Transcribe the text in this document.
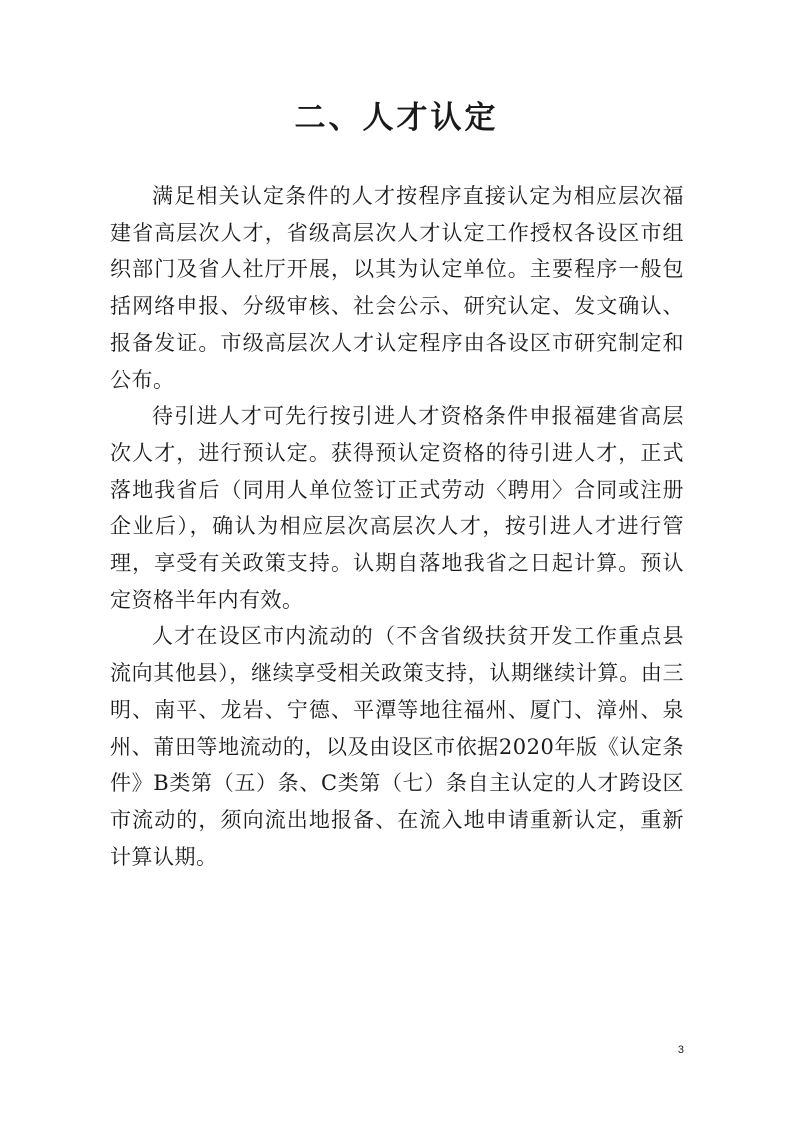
二、人才认定

满足相关认定条件的人才按程序直接认定为相应层次福建省高层次人才，省级高层次人才认定工作授权各设区市组织部门及省人社厅开展，以其为认定单位。主要程序一般包括网络申报、分级审核、社会公示、研究认定、发文确认、报备发证。市级高层次人才认定程序由各设区市研究制定和公布。

待引进人才可先行按引进人才资格条件申报福建省高层次人才，进行预认定。获得预认定资格的待引进人才，正式落地我省后（同用人单位签订正式劳动〈聘用〉合同或注册企业后），确认为相应层次高层次人才，按引进人才进行管理，享受有关政策支持。认期自落地我省之日起计算。预认定资格半年内有效。

人才在设区市内流动的（不含省级扶贫开发工作重点县流向其他县），继续享受相关政策支持，认期继续计算。由三明、南平、龙岩、宁德、平潭等地往福州、厦门、漳州、泉州、莆田等地流动的，以及由设区市依据2020年版《认定条件》B类第（五）条、C类第（七）条自主认定的人才跨设区市流动的，须向流出地报备、在流入地申请重新认定，重新计算认期。

3
